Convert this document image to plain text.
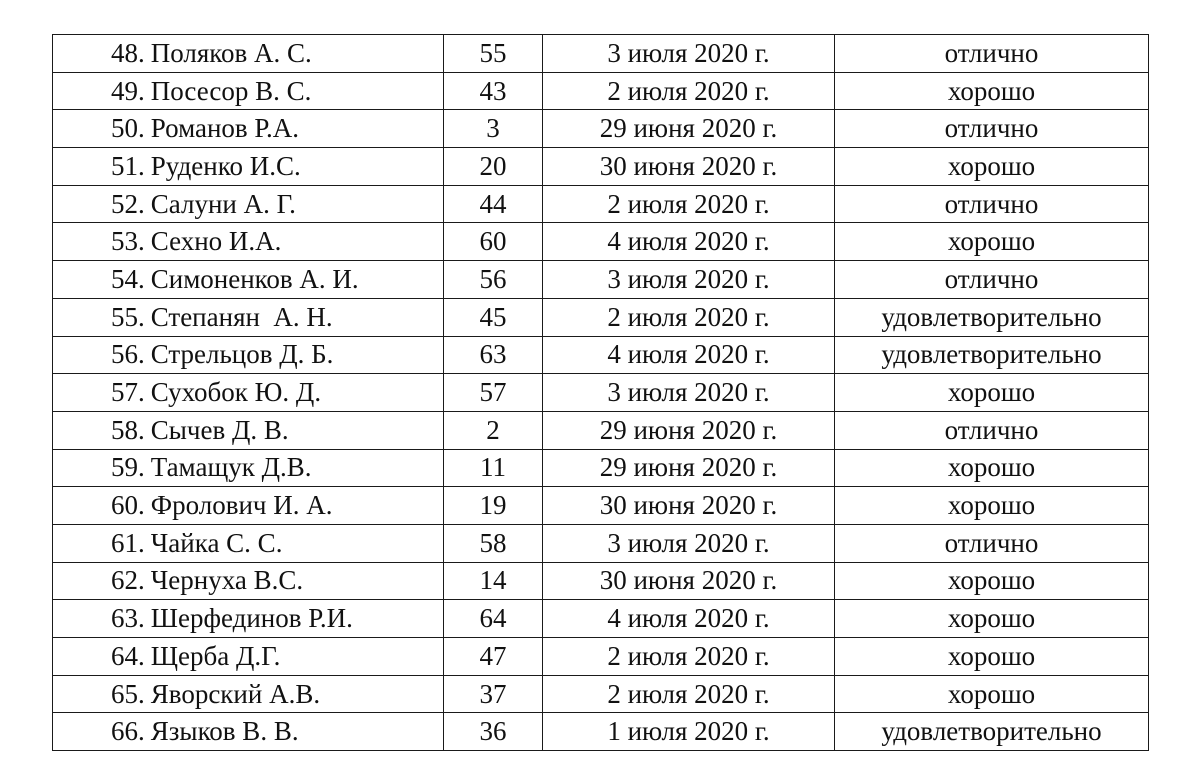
48. Поляков А. С.	55	3 июля 2020 г.	отлично
49. Посесор В. С.	43	2 июля 2020 г.	хорошо
50. Романов Р.А.	3	29 июня 2020 г.	отлично
51. Руденко И.С.	20	30 июня 2020 г.	хорошо
52. Салуни А. Г.	44	2 июля 2020 г.	отлично
53. Сехно И.А.	60	4 июля 2020 г.	хорошо
54. Симоненков А. И.	56	3 июля 2020 г.	отлично
55. Степанян  А. Н.	45	2 июля 2020 г.	удовлетворительно
56. Стрельцов Д. Б.	63	4 июля 2020 г.	удовлетворительно
57. Сухобок Ю. Д.	57	3 июля 2020 г.	хорошо
58. Сычев Д. В.	2	29 июня 2020 г.	отлично
59. Тамащук Д.В.	11	29 июня 2020 г.	хорошо
60. Фролович И. А.	19	30 июня 2020 г.	хорошо
61. Чайка С. С.	58	3 июля 2020 г.	отлично
62. Чернуха В.С.	14	30 июня 2020 г.	хорошо
63. Шерфединов Р.И.	64	4 июля 2020 г.	хорошо
64. Щерба Д.Г.	47	2 июля 2020 г.	хорошо
65. Яворский А.В.	37	2 июля 2020 г.	хорошо
66. Языков В. В.	36	1 июля 2020 г.	удовлетворительно
